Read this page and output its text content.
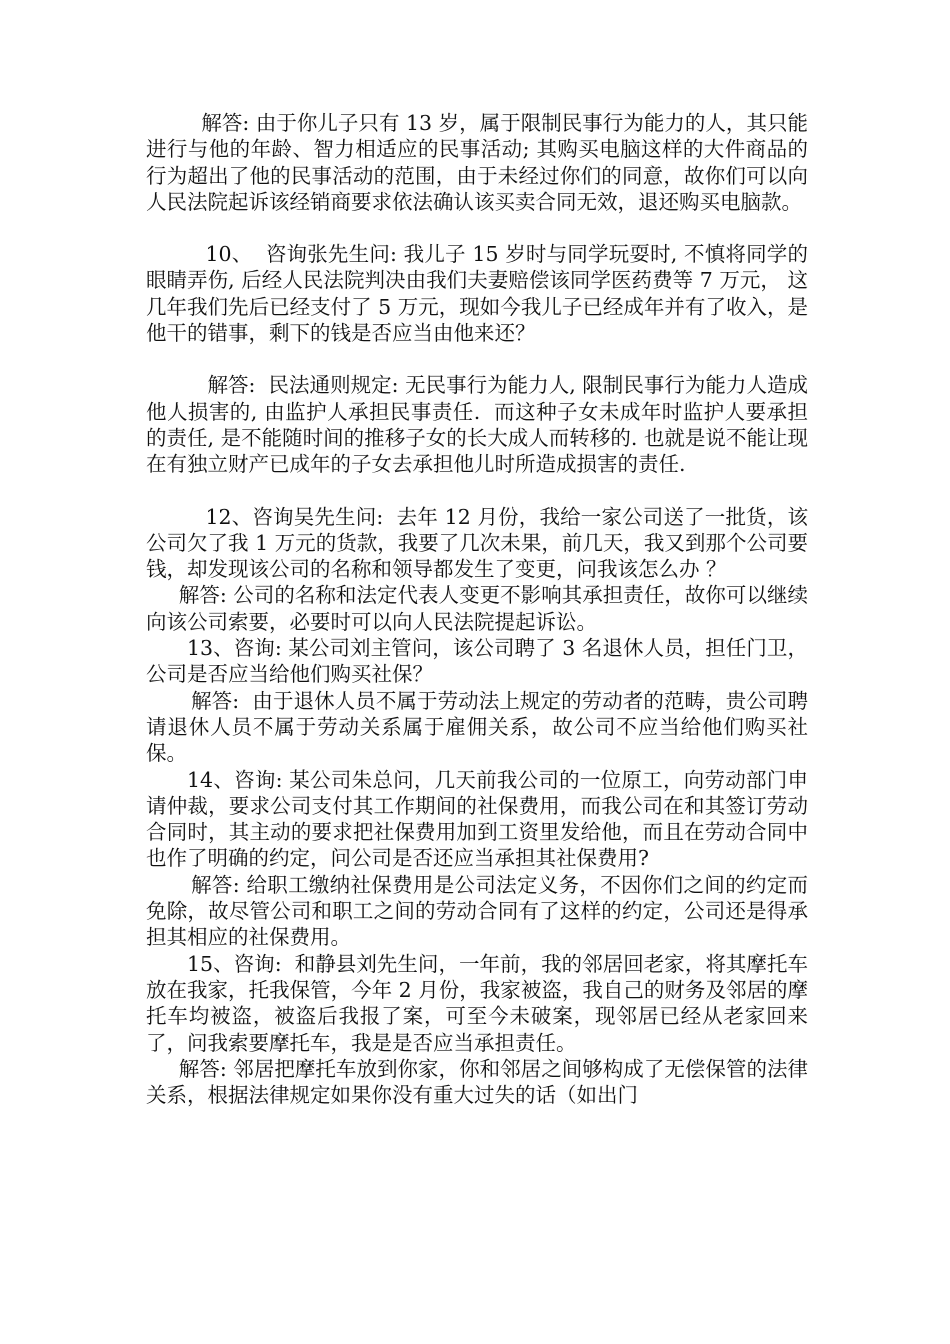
解答: 由于你儿子只有 13 岁，属于限制民事行为能力的人，其只能进行与他的年龄、智力相适应的民事活动; 其购买电脑这样的大件商品的行为超出了他的民事活动的范围，由于未经过你们的同意，故你们可以向人民法院起诉该经销商要求依法确认该买卖合同无效，退还购买电脑款。

10、  咨询张先生问: 我儿子 15 岁时与同学玩耍时, 不慎将同学的眼睛弄伤, 后经人民法院判决由我们夫妻赔偿该同学医药费等 7 万元， 这几年我们先后已经支付了 5 万元，现如今我儿子已经成年并有了收入，是他干的错事，剩下的钱是否应当由他来还？

解答:  民法通则规定: 无民事行为能力人, 限制民事行为能力人造成他人损害的, 由监护人承担民事责任.  而这种子女未成年时监护人要承担的责任, 是不能随时间的推移子女的长大成人而转移的. 也就是说不能让现在有独立财产已成年的子女去承担他儿时所造成损害的责任.

12、咨询吴先生问:  去年 12 月份，我给一家公司送了一批货，该公司欠了我 1 万元的货款，我要了几次未果，前几天，我又到那个公司要钱，却发现该公司的名称和领导都发生了变更，问我该怎么办 ？

解答: 公司的名称和法定代表人变更不影响其承担责任，故你可以继续向该公司索要，必要时可以向人民法院提起诉讼。

13、咨询: 某公司刘主管问，该公司聘了 3 名退休人员，担任门卫，公司是否应当给他们购买社保？

解答:  由于退休人员不属于劳动法上规定的劳动者的范畴，贵公司聘请退休人员不属于劳动关系属于雇佣关系，故公司不应当给他们购买社保。

14、咨询: 某公司朱总问，几天前我公司的一位原工，向劳动部门申请仲裁，要求公司支付其工作期间的社保费用，而我公司在和其签订劳动合同时，其主动的要求把社保费用加到工资里发给他，而且在劳动合同中也作了明确的约定，问公司是否还应当承担其社保费用?

解答: 给职工缴纳社保费用是公司法定义务，不因你们之间的约定而免除，故尽管公司和职工之间的劳动合同有了这样的约定，公司还是得承担其相应的社保费用。

15、咨询:  和静县刘先生问，一年前，我的邻居回老家，将其摩托车放在我家，托我保管，今年 2 月份，我家被盗，我自己的财务及邻居的摩托车均被盗，被盗后我报了案，可至今未破案，现邻居已经从老家回来了，问我索要摩托车，我是是否应当承担责任。

解答: 邻居把摩托车放到你家，你和邻居之间够构成了无偿保管的法律关系，根据法律规定如果你没有重大过失的话（如出门
